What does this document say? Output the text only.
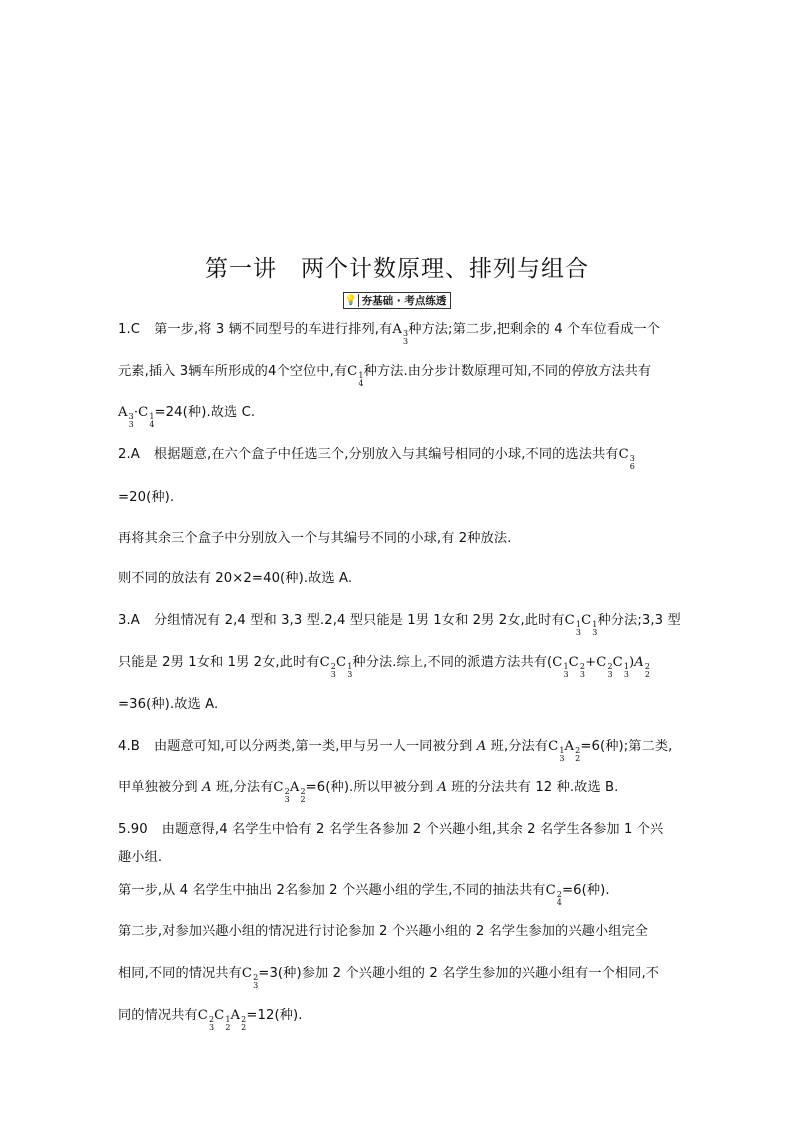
第一讲　两个计数原理、排列与组合
💡 夯基础 · 考点练透
1.C 第一步,将 3 辆不同型号的车进行排列,有A 3
3
种方法;第二步,把剩余的 4 个车位看成一个
元素,插入 3辆车所形成的4个空位中,有C 1
4
种方法.由分步计数原理可知,不同的停放方法共有
A 3
3
·C 1
4
=24(种).故选 C.
2.A 根据题意,在六个盒子中任选三个,分别放入与其编号相同的小球,不同的选法共有C 3
6
=20(种).
再将其余三个盒子中分别放入一个与其编号不同的小球,有 2种放法.
则不同的放法有 20×2=40(种).故选 A.
3.A 分组情况有 2,4 型和 3,3 型.2,4 型只能是 1男 1女和 2男 2女,此时有C 1
3
C 1
3
种分法;3,3 型
只能是 2男 1女和 1男 2女,此时有C 2
3
C 1
3
种分法.综上,不同的派遣方法共有(C 1
3
C 2
3
+C 2
3
C 1
3
)A 2
2
=36(种).故选 A.
4.B 由题意可知,可以分两类,第一类,甲与另一人一同被分到 A 班,分法有C 1
3
A 2
2
=6(种);第二类,
甲单独被分到 A 班,分法有C 2
3
A 2
2
=6(种).所以甲被分到 A 班的分法共有 12 种.故选 B.
5.90 由题意得,4 名学生中恰有 2 名学生各参加 2 个兴趣小组,其余 2 名学生各参加 1 个兴
趣小组.
第一步,从 4 名学生中抽出 2名参加 2 个兴趣小组的学生,不同的抽法共有C 2
4
=6(种).
第二步,对参加兴趣小组的情况进行讨论参加 2 个兴趣小组的 2 名学生参加的兴趣小组完全
相同,不同的情况共有C 2
3
=3(种)参加 2 个兴趣小组的 2 名学生参加的兴趣小组有一个相同,不
同的情况共有C 2
3
C 1
2
A 2
2
=12(种).
